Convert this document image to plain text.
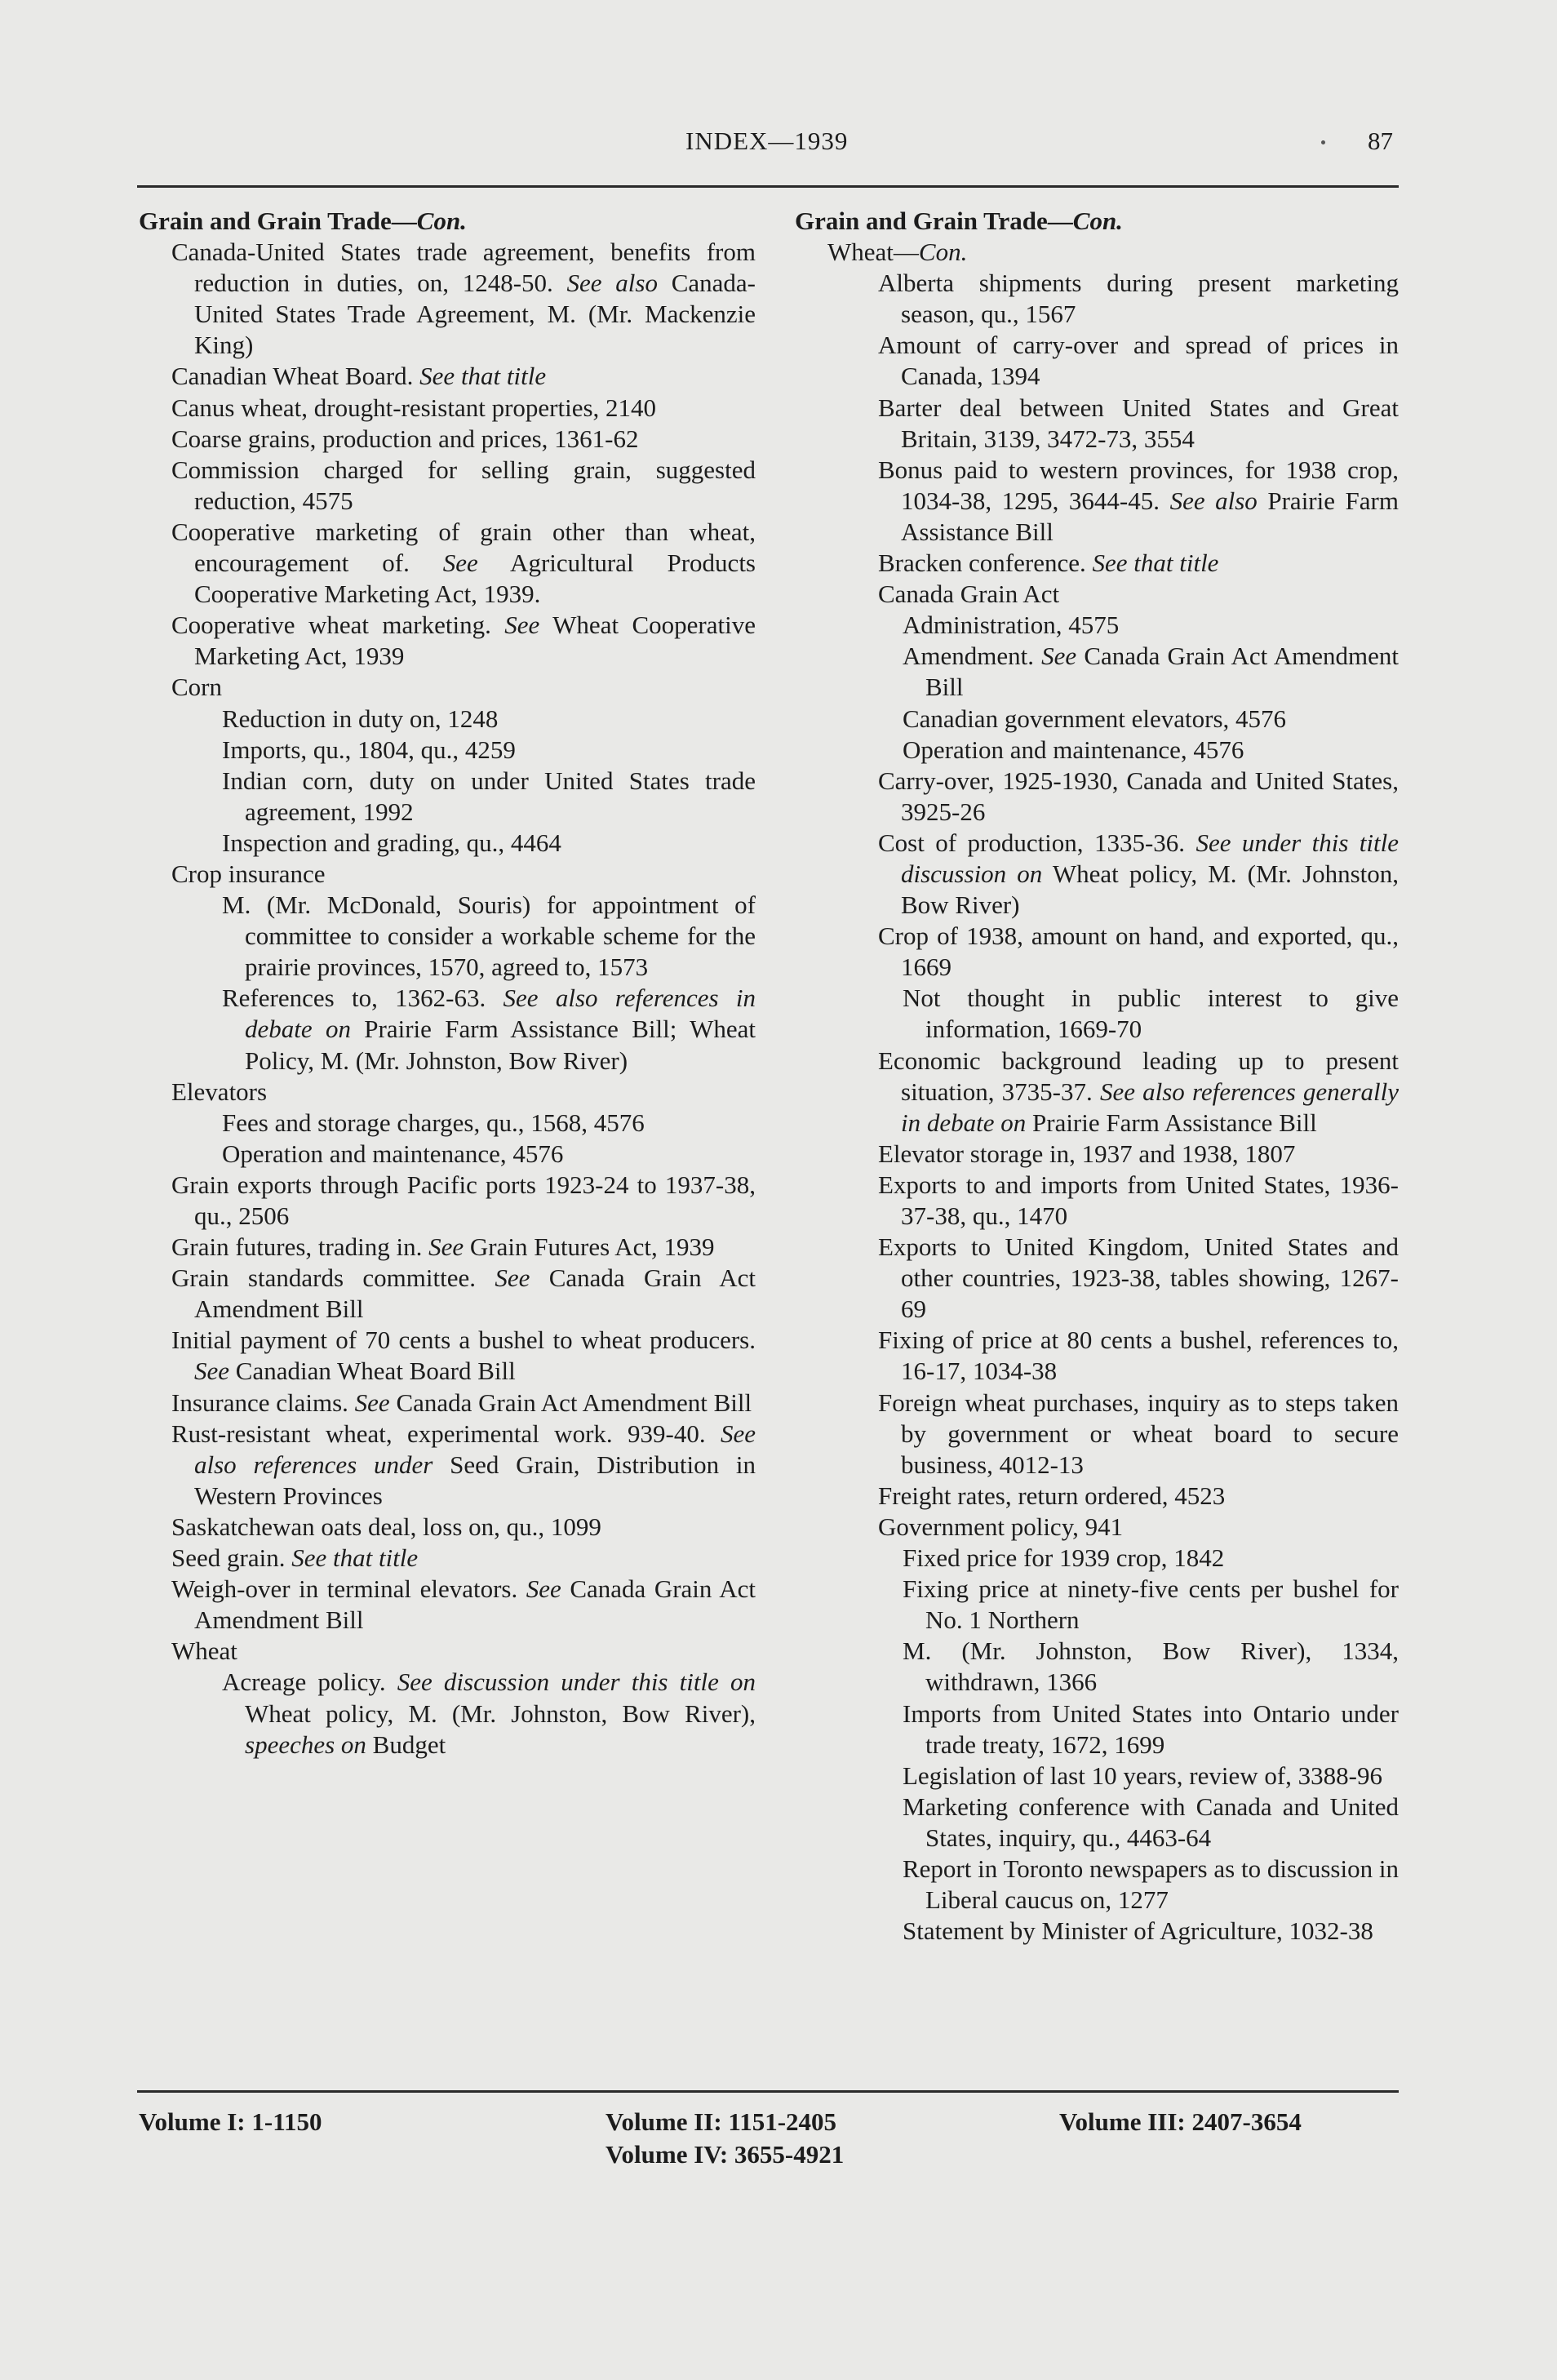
INDEX—1939	87
Grain and Grain Trade—Con.
Canada-United States trade agreement, benefits from reduction in duties, on, 1248-50. See also Canada-United States Trade Agreement, M. (Mr. Mackenzie King)
Canadian Wheat Board. See that title
Canus wheat, drought-resistant properties, 2140
Coarse grains, production and prices, 1361-62
Commission charged for selling grain, suggested reduction, 4575
Cooperative marketing of grain other than wheat, encouragement of. See Agricultural Products Cooperative Marketing Act, 1939.
Cooperative wheat marketing. See Wheat Cooperative Marketing Act, 1939
Corn
Reduction in duty on, 1248
Imports, qu., 1804, qu., 4259
Indian corn, duty on under United States trade agreement, 1992
Inspection and grading, qu., 4464
Crop insurance
M. (Mr. McDonald, Souris) for appointment of committee to consider a workable scheme for the prairie provinces, 1570, agreed to, 1573
References to, 1362-63. See also references in debate on Prairie Farm Assistance Bill; Wheat Policy, M. (Mr. Johnston, Bow River)
Elevators
Fees and storage charges, qu., 1568, 4576
Operation and maintenance, 4576
Grain exports through Pacific ports 1923-24 to 1937-38, qu., 2506
Grain futures, trading in. See Grain Futures Act, 1939
Grain standards committee. See Canada Grain Act Amendment Bill
Initial payment of 70 cents a bushel to wheat producers. See Canadian Wheat Board Bill
Insurance claims. See Canada Grain Act Amendment Bill
Rust-resistant wheat, experimental work. 939-40. See also references under Seed Grain, Distribution in Western Provinces
Saskatchewan oats deal, loss on, qu., 1099
Seed grain. See that title
Weigh-over in terminal elevators. See Canada Grain Act Amendment Bill
Wheat
Acreage policy. See discussion under this title on Wheat policy, M. (Mr. Johnston, Bow River), speeches on Budget
Grain and Grain Trade—Con.
Wheat—Con.
Alberta shipments during present marketing season, qu., 1567
Amount of carry-over and spread of prices in Canada, 1394
Barter deal between United States and Great Britain, 3139, 3472-73, 3554
Bonus paid to western provinces, for 1938 crop, 1034-38, 1295, 3644-45. See also Prairie Farm Assistance Bill
Bracken conference. See that title
Canada Grain Act
Administration, 4575
Amendment. See Canada Grain Act Amendment Bill
Canadian government elevators, 4576
Operation and maintenance, 4576
Carry-over, 1925-1930, Canada and United States, 3925-26
Cost of production, 1335-36. See under this title discussion on Wheat policy, M. (Mr. Johnston, Bow River)
Crop of 1938, amount on hand, and exported, qu., 1669
Not thought in public interest to give information, 1669-70
Economic background leading up to present situation, 3735-37. See also references generally in debate on Prairie Farm Assistance Bill
Elevator storage in, 1937 and 1938, 1807
Exports to and imports from United States, 1936-37-38, qu., 1470
Exports to United Kingdom, United States and other countries, 1923-38, tables showing, 1267-69
Fixing of price at 80 cents a bushel, references to, 16-17, 1034-38
Foreign wheat purchases, inquiry as to steps taken by government or wheat board to secure business, 4012-13
Freight rates, return ordered, 4523
Government policy, 941
Fixed price for 1939 crop, 1842
Fixing price at ninety-five cents per bushel for No. 1 Northern
M. (Mr. Johnston, Bow River), 1334, withdrawn, 1366
Imports from United States into Ontario under trade treaty, 1672, 1699
Legislation of last 10 years, review of, 3388-96
Marketing conference with Canada and United States, inquiry, qu., 4463-64
Report in Toronto newspapers as to discussion in Liberal caucus on, 1277
Statement by Minister of Agriculture, 1032-38
Volume I: 1-1150	Volume II: 1151-2405
Volume IV: 3655-4921
Volume III: 2407-3654
